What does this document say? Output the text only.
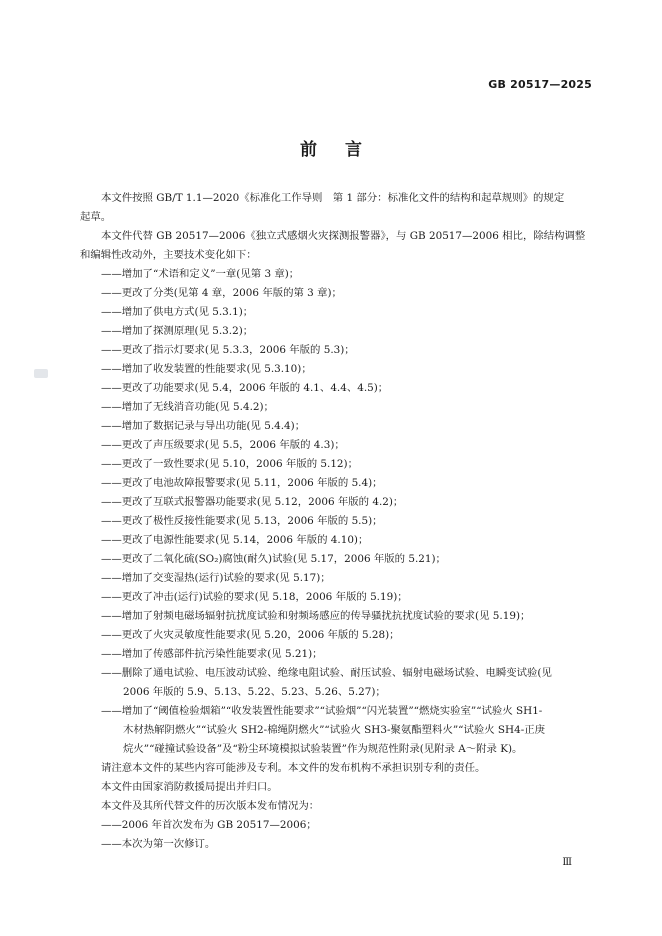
GB 20517—2025
前言
本文件按照 GB/T 1.1—2020《标准化工作导则　第 1 部分：标准化文件的结构和起草规则》的规定
起草。
本文件代替 GB 20517—2006《独立式感烟火灾探测报警器》，与 GB 20517—2006 相比，除结构调整
和编辑性改动外，主要技术变化如下：
——增加了“术语和定义”一章(见第 3 章)；
——更改了分类(见第 4 章，2006 年版的第 3 章)；
——增加了供电方式(见 5.3.1)；
——增加了探测原理(见 5.3.2)；
——更改了指示灯要求(见 5.3.3，2006 年版的 5.3)；
——增加了收发装置的性能要求(见 5.3.10)；
——更改了功能要求(见 5.4，2006 年版的 4.1、4.4、4.5)；
——增加了无线消音功能(见 5.4.2)；
——增加了数据记录与导出功能(见 5.4.4)；
——更改了声压级要求(见 5.5，2006 年版的 4.3)；
——更改了一致性要求(见 5.10，2006 年版的 5.12)；
——更改了电池故障报警要求(见 5.11，2006 年版的 5.4)；
——更改了互联式报警器功能要求(见 5.12，2006 年版的 4.2)；
——更改了极性反接性能要求(见 5.13，2006 年版的 5.5)；
——更改了电源性能要求(见 5.14，2006 年版的 4.10)；
——更改了二氧化硫(SO₂)腐蚀(耐久)试验(见 5.17，2006 年版的 5.21)；
——增加了交变湿热(运行)试验的要求(见 5.17)；
——更改了冲击(运行)试验的要求(见 5.18，2006 年版的 5.19)；
——增加了射频电磁场辐射抗扰度试验和射频场感应的传导骚扰抗扰度试验的要求(见 5.19)；
——更改了火灾灵敏度性能要求(见 5.20，2006 年版的 5.28)；
——增加了传感部件抗污染性能要求(见 5.21)；
——删除了通电试验、电压波动试验、绝缘电阻试验、耐压试验、辐射电磁场试验、电瞬变试验(见
2006 年版的 5.9、5.13、5.22、5.23、5.26、5.27)；
——增加了“阈值检验烟箱”“收发装置性能要求”“试验烟”“闪光装置”“燃烧实验室”“试验火 SH1-
木材热解阴燃火”“试验火 SH2-棉绳阴燃火”“试验火 SH3-聚氨酯塑料火”“试验火 SH4-正庚
烷火”“碰撞试验设备”及“粉尘环境模拟试验装置”作为规范性附录(见附录 A～附录 K)。
请注意本文件的某些内容可能涉及专利。本文件的发布机构不承担识别专利的责任。
本文件由国家消防救援局提出并归口。
本文件及其所代替文件的历次版本发布情况为：
——2006 年首次发布为 GB 20517—2006；
——本次为第一次修订。
Ⅲ
